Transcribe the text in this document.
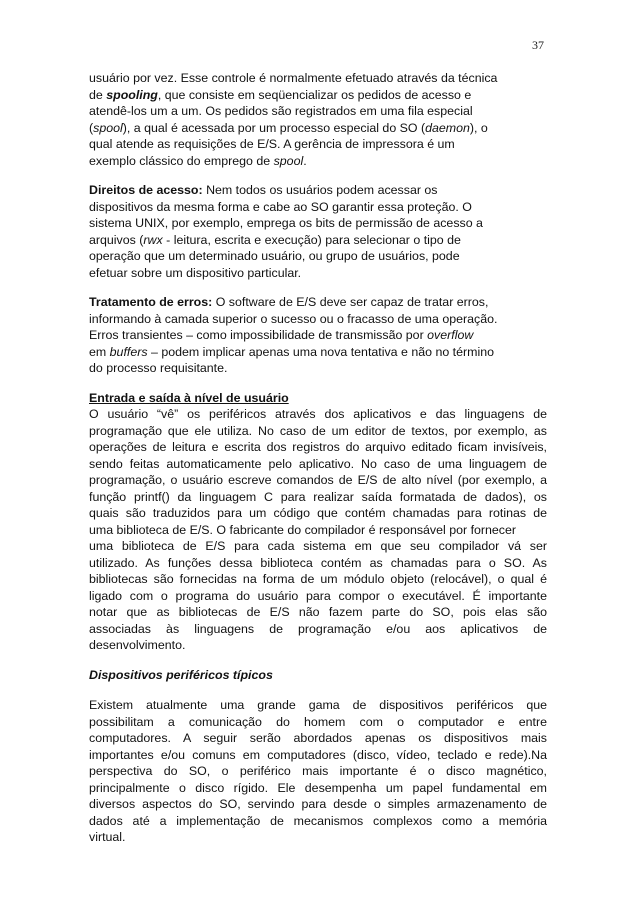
37
usuário por vez. Esse controle é normalmente efetuado através da técnica
de spooling, que consiste em seqüencializar os pedidos de acesso e
atendê-los um a um. Os pedidos são registrados em uma fila especial
(spool), a qual é acessada por um processo especial do SO (daemon), o
qual atende as requisições de E/S. A gerência de impressora é um
exemplo clássico do emprego de spool.
Direitos de acesso: Nem todos os usuários podem acessar os
dispositivos da mesma forma e cabe ao SO garantir essa proteção. O
sistema UNIX, por exemplo, emprega os bits de permissão de acesso a
arquivos (rwx - leitura, escrita e execução) para selecionar o tipo de
operação que um determinado usuário, ou grupo de usuários, pode
efetuar sobre um dispositivo particular.
Tratamento de erros: O software de E/S deve ser capaz de tratar erros,
informando à camada superior o sucesso ou o fracasso de uma operação.
Erros transientes – como impossibilidade de transmissão por overflow
em buffers – podem implicar apenas uma nova tentativa e não no término
do processo requisitante.
Entrada e saída à nível de usuário
O usuário “vê” os periféricos através dos aplicativos e das linguagens de
programação que ele utiliza. No caso de um editor de textos, por exemplo, as
operações de leitura e escrita dos registros do arquivo editado ficam invisíveis,
sendo feitas automaticamente pelo aplicativo. No caso de uma linguagem de
programação, o usuário escreve comandos de E/S de alto nível (por exemplo, a
função printf() da linguagem C para realizar saída formatada de dados), os
quais são traduzidos para um código que contém chamadas para rotinas de
uma biblioteca de E/S. O fabricante do compilador é responsável por fornecer
uma biblioteca de E/S para cada sistema em que seu compilador vá ser
utilizado. As funções dessa biblioteca contém as chamadas para o SO. As
bibliotecas são fornecidas na forma de um módulo objeto (relocável), o qual é
ligado com o programa do usuário para compor o executável. É importante
notar que as bibliotecas de E/S não fazem parte do SO, pois elas são
associadas às linguagens de programação e/ou aos aplicativos de
desenvolvimento.
Dispositivos periféricos típicos
Existem atualmente uma grande gama de dispositivos periféricos que
possibilitam a comunicação do homem com o computador e entre
computadores. A seguir serão abordados apenas os dispositivos mais
importantes e/ou comuns em computadores (disco, vídeo, teclado e rede).Na
perspectiva do SO, o periférico mais importante é o disco magnético,
principalmente o disco rígido. Ele desempenha um papel fundamental em
diversos aspectos do SO, servindo para desde o simples armazenamento de
dados até a implementação de mecanismos complexos como a memória
virtual.
